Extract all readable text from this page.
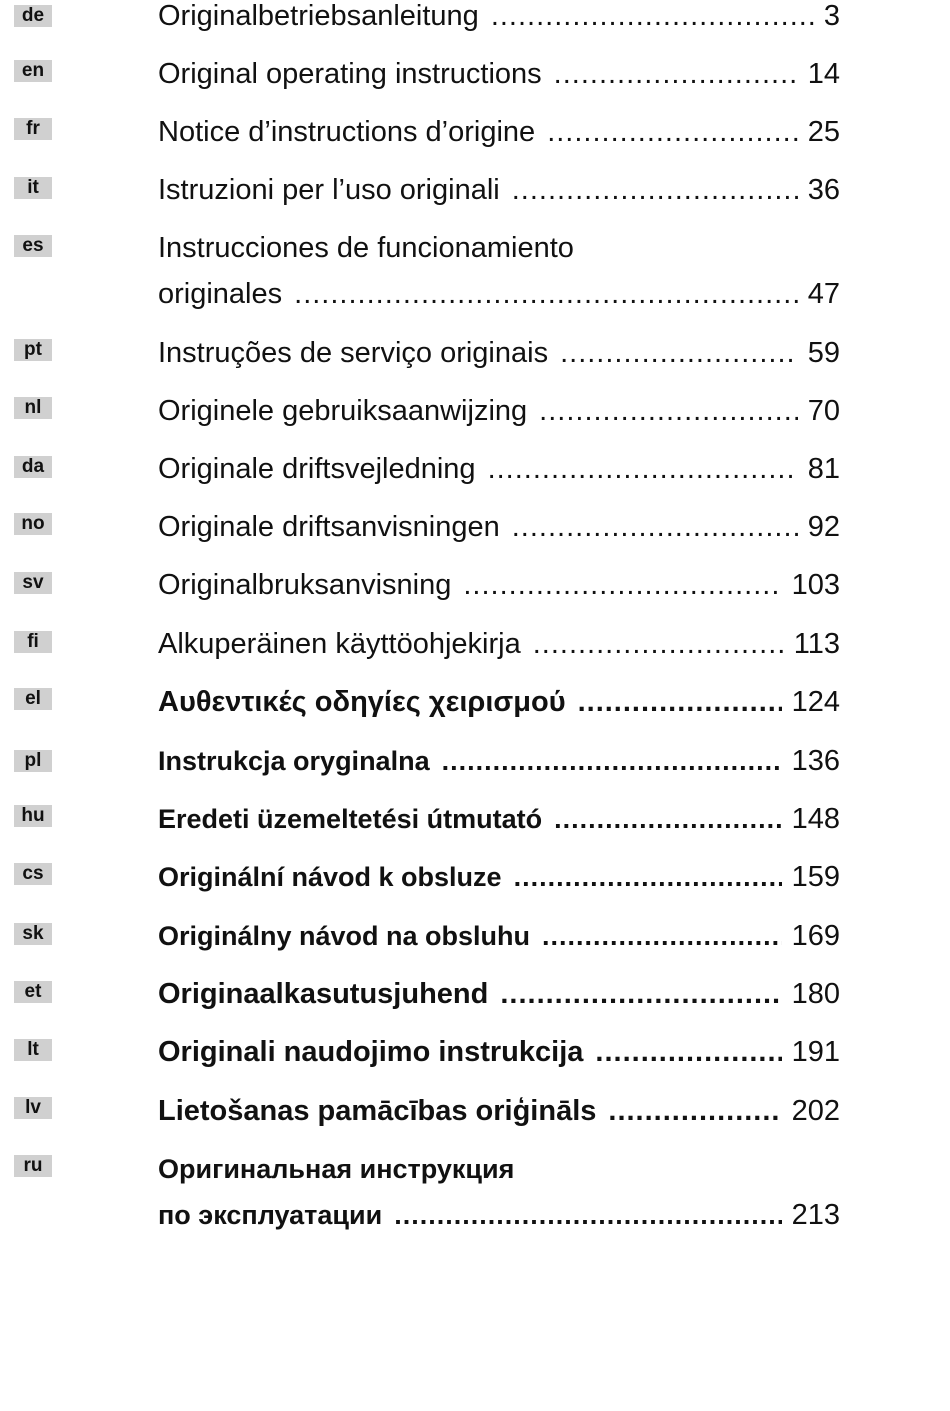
de	Originalbetriebsanleitung .....	3
en	Original operating instructions .....	14
fr	Notice d’instructions d’origine .....	25
it	Istruzioni per l’uso originali .....	36
es	Instrucciones de funcionamiento
originales .....	47
pt	Instruções de serviço originais .....	59
nl	Originele gebruiksaanwijzing .....	70
da	Originale driftsvejledning .....	81
no	Originale driftsanvisningen .....	92
sv	Originalbruksanvisning .....	103
fi	Alkuperäinen käyttöohjekirja .....	113
el	Αυθεντικές οδηγίες χειρισμού .....	124
pl	Instrukcja oryginalna .....	136
hu	Eredeti üzemeltetési útmutató .....	148
cs	Originální návod k obsluze .....	159
sk	Originálny návod na obsluhu .....	169
et	Originaalkasutusjuhend .....	180
lt	Originali naudojimo instrukcija .....	191
lv	Lietošanas pamācības oriģināls .....	202
ru	Оригинальная инструкция
по эксплуатации .....	213
